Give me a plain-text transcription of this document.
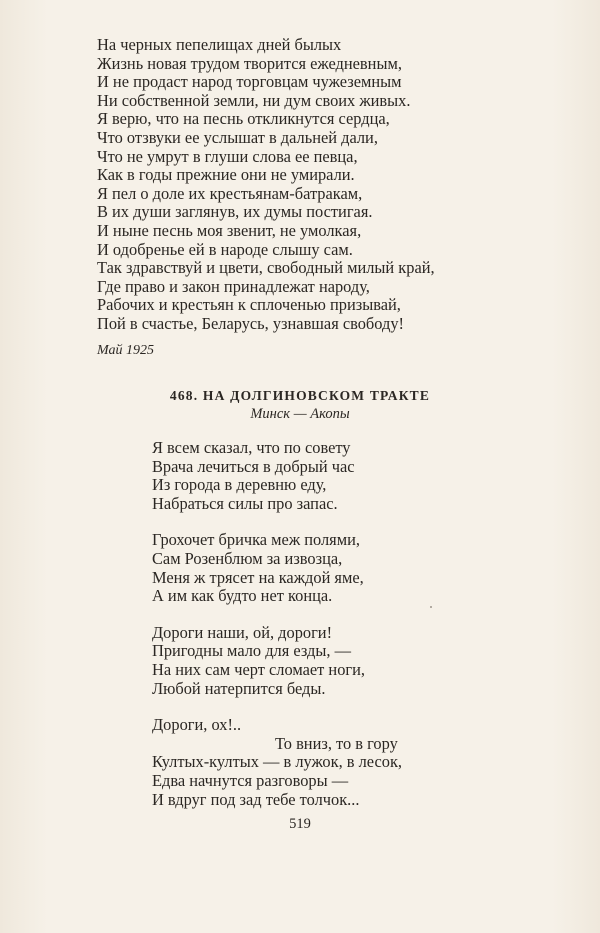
На черных пепелищах дней былых
Жизнь новая трудом творится ежедневным,
И не продаст народ торговцам чужеземным
Ни собственной земли, ни дум своих живых.
Я верю, что на песнь откликнутся сердца,
Что отзвуки ее услышат в дальней дали,
Что не умрут в глуши слова ее певца,
Как в годы прежние они не умирали.
Я пел о доле их крестьянам-батракам,
В их души заглянув, их думы постигая.
И ныне песнь моя звенит, не умолкая,
И одобренье ей в народе слышу сам.
Так здравствуй и цвети, свободный милый край,
Где право и закон принадлежат народу,
Рабочих и крестьян к сплоченью призывай,
Пой в счастье, Беларусь, узнавшая свободу!
Май 1925
468. НА ДОЛГИНОВСКОМ ТРАКТЕ
Минск — Акопы
Я всем сказал, что по совету
Врача лечиться в добрый час
Из города в деревню еду,
Набраться силы про запас.
Грохочет бричка меж полями,
Сам Розенблюм за извозца,
Меня ж трясет на каждой яме,
А им как будто нет конца.
Дороги наши, ой, дороги!
Пригодны мало для езды, —
На них сам черт сломает ноги,
Любой натерпится беды.
Дороги, ох!..
То вниз, то в гору
Култых-култых — в лужок, в лесок,
Едва начнутся разговоры —
И вдруг под зад тебе толчок...
519
